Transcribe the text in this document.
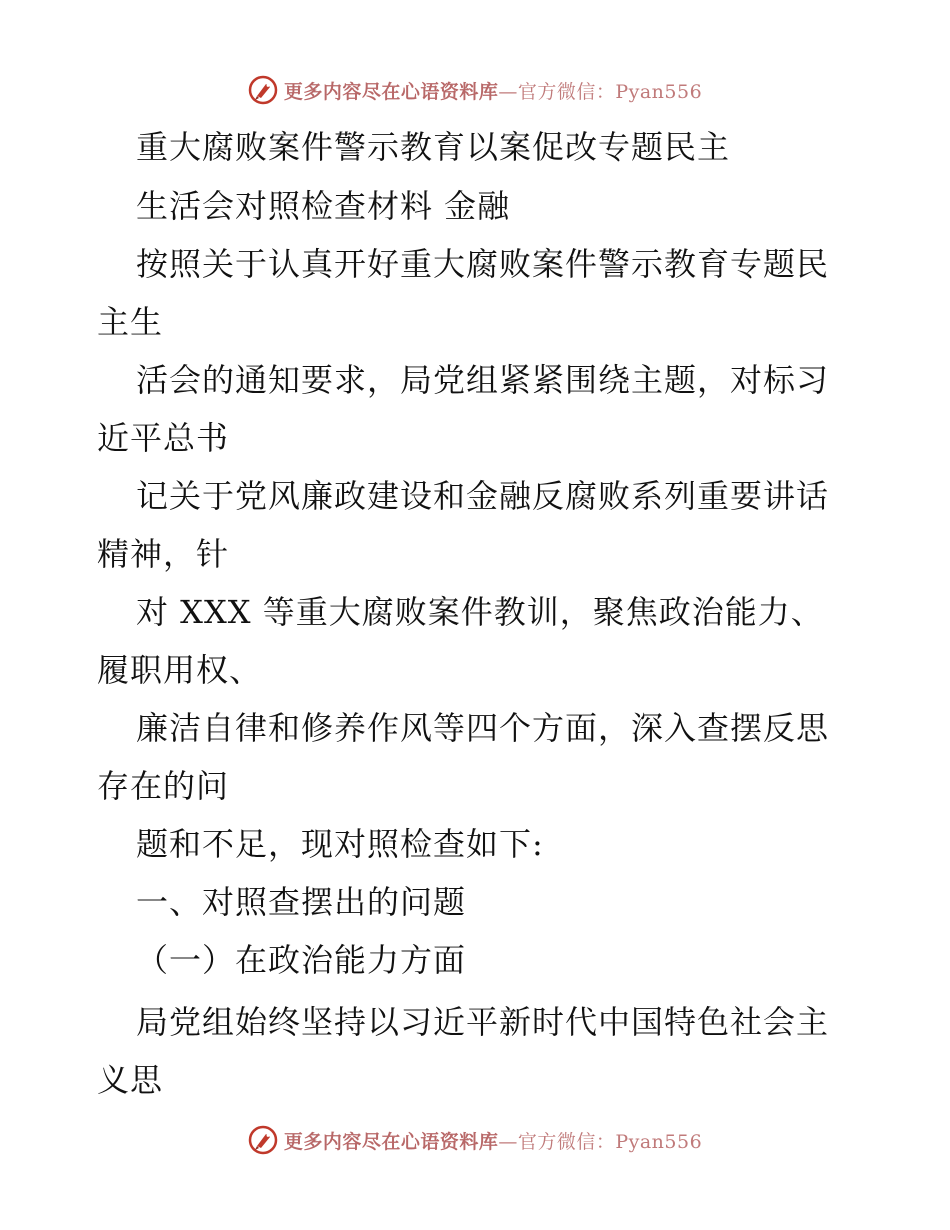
更多内容尽在心语资料库—官方微信：Pyan556
重大腐败案件警示教育以案促改专题民主
生活会对照检查材料 金融
按照关于认真开好重大腐败案件警示教育专题民
主生
活会的通知要求，局党组紧紧围绕主题，对标习
近平总书
记关于党风廉政建设和金融反腐败系列重要讲话
精神，针
对 XXX 等重大腐败案件教训，聚焦政治能力、
履职用权、
廉洁自律和修养作风等四个方面，深入查摆反思
存在的问
题和不足，现对照检查如下:
一、对照查摆出的问题
（一）在政治能力方面
局党组始终坚持以习近平新时代中国特色社会主
义思
更多内容尽在心语资料库—官方微信：Pyan556
